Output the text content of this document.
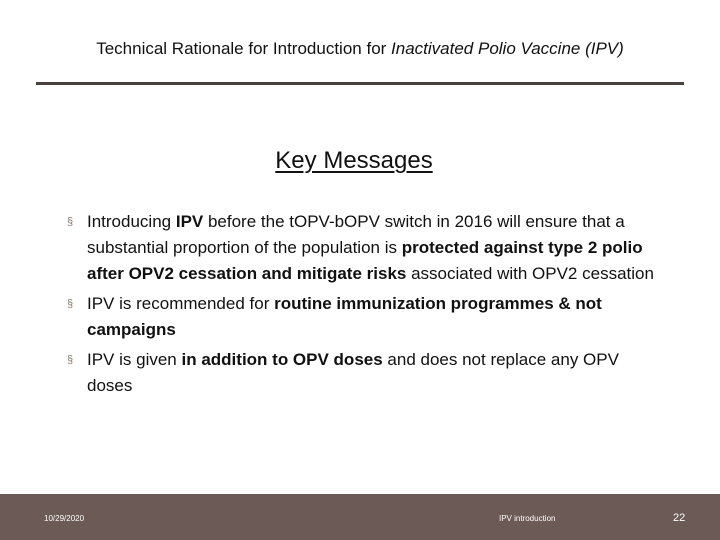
Technical Rationale for Introduction for Inactivated Polio Vaccine (IPV)
Key Messages
§ Introducing IPV before the tOPV-bOPV switch in 2016 will ensure that a substantial proportion of the population is protected against type 2 polio after OPV2 cessation and mitigate risks associated with OPV2 cessation
§ IPV is recommended for routine immunization programmes & not campaigns
§ IPV is given in addition to OPV doses and does not replace any OPV doses
10/29/2020	IPV introduction	22
